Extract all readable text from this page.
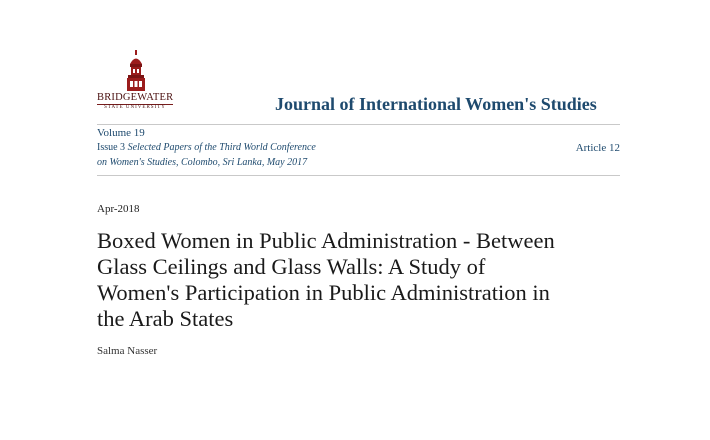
BRIDGEWATER
STATE UNIVERSITY	Journal of International Women's Studies
Volume 19
Issue 3 Selected Papers of the Third World Conference
on Women's Studies, Colombo, Sri Lanka, May 2017
Article 12
Apr-2018
Boxed Women in Public Administration - Between
Glass Ceilings and Glass Walls: A Study of
Women's Participation in Public Administration in
the Arab States
Salma Nasser
